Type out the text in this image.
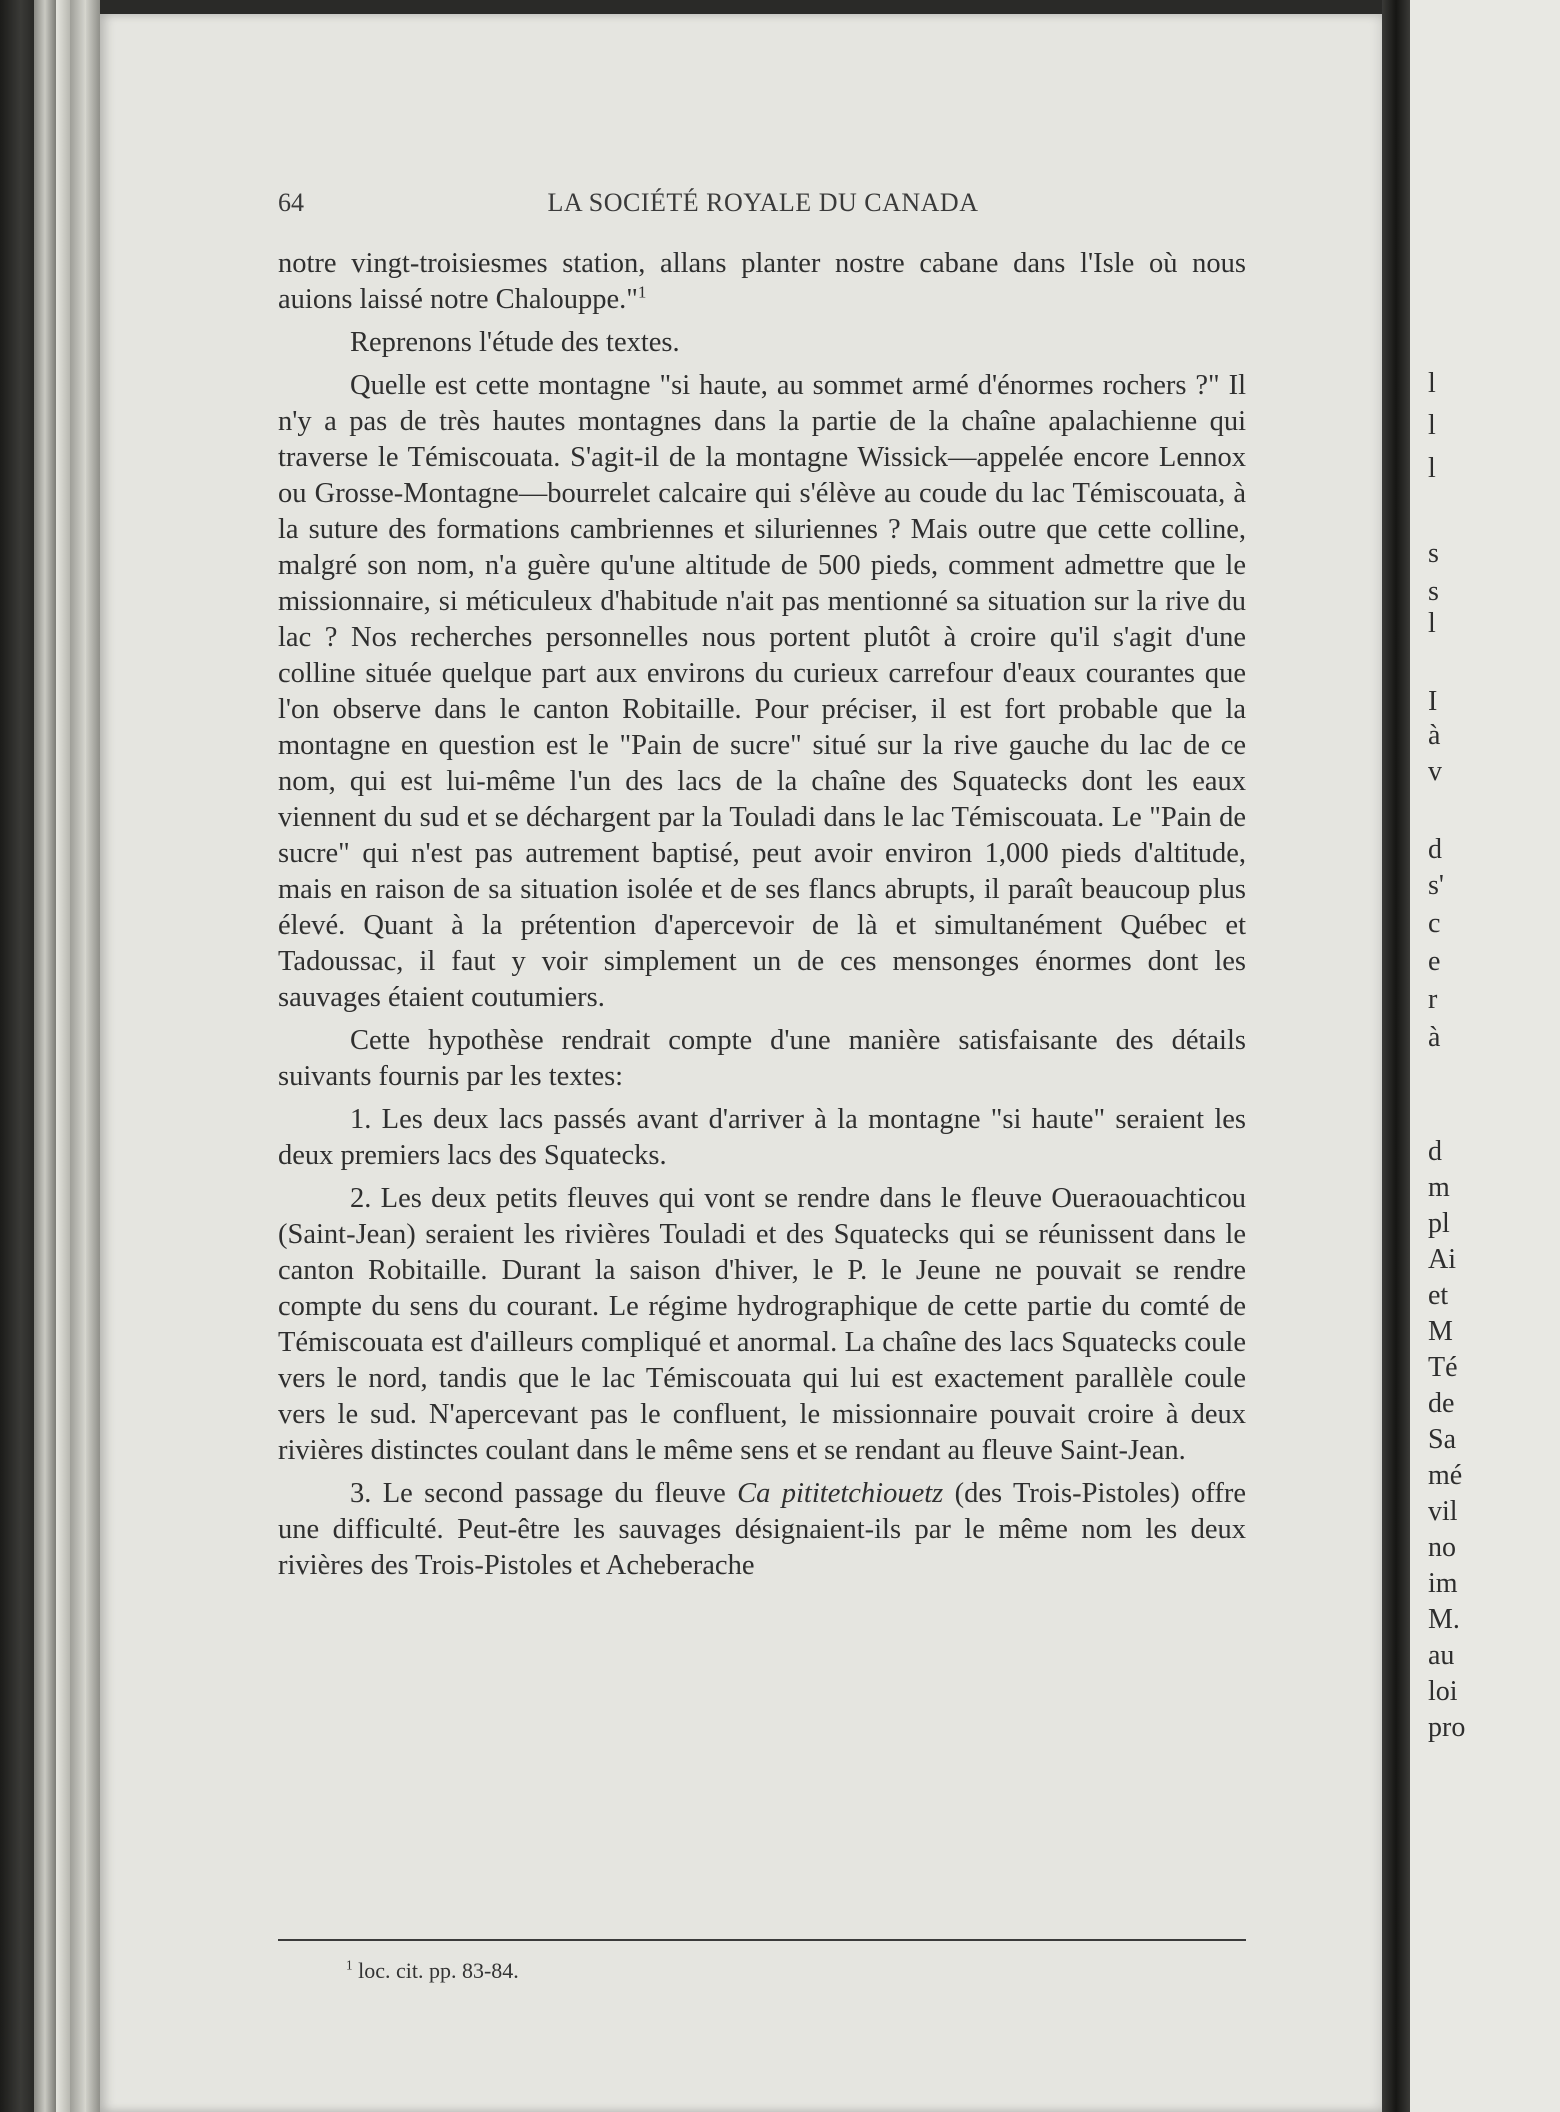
64	LA SOCIÉTÉ ROYALE DU CANADA

notre vingt-troisiesmes station, allans planter nostre cabane dans l'Isle où nous auions laissé notre Chalouppe."$^1$

Reprenons l'étude des textes.

Quelle est cette montagne "si haute, au sommet armé d'énormes rochers ?" Il n'y a pas de très hautes montagnes dans la partie de la chaîne apalachienne qui traverse le Témiscouata. S'agit-il de la montagne Wissick—appelée encore Lennox ou Grosse-Montagne—bourrelet calcaire qui s'élève au coude du lac Témiscouata, à la suture des formations cambriennes et siluriennes ? Mais outre que cette colline, malgré son nom, n'a guère qu'une altitude de 500 pieds, comment admettre que le missionnaire, si méticuleux d'habitude n'ait pas mentionné sa situation sur la rive du lac ? Nos recherches personnelles nous portent plutôt à croire qu'il s'agit d'une colline située quelque part aux environs du curieux carrefour d'eaux courantes que l'on observe dans le canton Robitaille. Pour préciser, il est fort probable que la montagne en question est le "Pain de sucre" situé sur la rive gauche du lac de ce nom, qui est lui-même l'un des lacs de la chaîne des Squatecks dont les eaux viennent du sud et se déchargent par la Touladi dans le lac Témiscouata. Le "Pain de sucre" qui n'est pas autrement baptisé, peut avoir environ 1,000 pieds d'altitude, mais en raison de sa situation isolée et de ses flancs abrupts, il paraît beaucoup plus élevé. Quant à la prétention d'apercevoir de là et simultanément Québec et Tadoussac, il faut y voir simplement un de ces mensonges énormes dont les sauvages étaient coutumiers.

Cette hypothèse rendrait compte d'une manière satisfaisante des détails suivants fournis par les textes:

1. Les deux lacs passés avant d'arriver à la montagne "si haute" seraient les deux premiers lacs des Squatecks.

2. Les deux petits fleuves qui vont se rendre dans le fleuve Oueraouachticou (Saint-Jean) seraient les rivières Touladi et des Squatecks qui se réunissent dans le canton Robitaille. Durant la saison d'hiver, le P. le Jeune ne pouvait se rendre compte du sens du courant. Le régime hydrographique de cette partie du comté de Témiscouata est d'ailleurs compliqué et anormal. La chaîne des lacs Squatecks coule vers le nord, tandis que le lac Témiscouata qui lui est exactement parallèle coule vers le sud. N'apercevant pas le confluent, le missionnaire pouvait croire à deux rivières distinctes coulant dans le même sens et se rendant au fleuve Saint-Jean.

3. Le second passage du fleuve Ca pititetchiouetz (des Trois-Pistoles) offre une difficulté. Peut-être les sauvages désignaient-ils par le même nom les deux rivières des Trois-Pistoles et Acheberache

$^1$ loc. cit. pp. 83-84.
l
l
l
s
s
l
I
à
v
d
s'
c
e
r
à
d
m
pl
Ai
et
M
Té
de
Sa
mé
vil
no
im
M.
au
loi
pro
